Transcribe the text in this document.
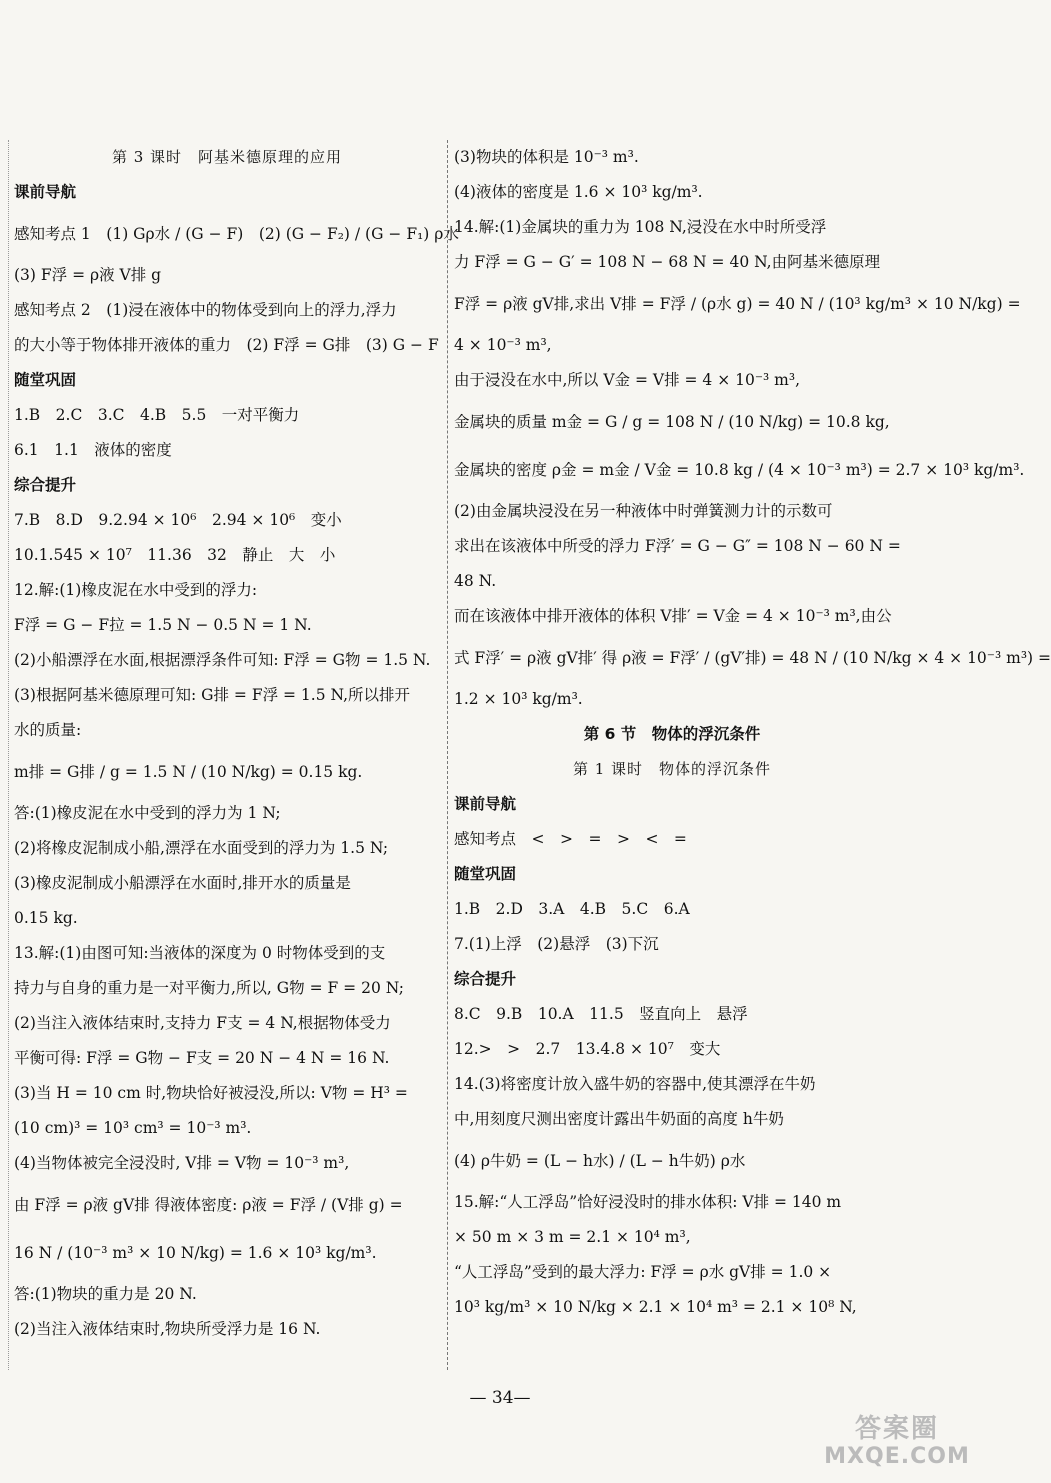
第 3 课时　阿基米德原理的应用

课前导航

感知考点 1　(1) Gρ水 / (G − F)　(2) (G − F₂) / (G − F₁) ρ水

(3) F浮 = ρ液 V排 g

感知考点 2　(1)浸在液体中的物体受到向上的浮力,浮力

的大小等于物体排开液体的重力　(2) F浮 = G排　(3) G − F

随堂巩固

1.B　2.C　3.C　4.B　5.5　一对平衡力

6.1　1.1　液体的密度

综合提升

7.B　8.D　9.2.94 × 10⁶　2.94 × 10⁶　变小

10.1.545 × 10⁷　11.36　32　静止　大　小

12.解:(1)橡皮泥在水中受到的浮力:

F浮 = G − F拉 = 1.5 N − 0.5 N = 1 N.

(2)小船漂浮在水面,根据漂浮条件可知: F浮 = G物 = 1.5 N.

(3)根据阿基米德原理可知: G排 = F浮 = 1.5 N,所以排开

水的质量:

m排 = G排 / g = 1.5 N / (10 N/kg) = 0.15 kg.

答:(1)橡皮泥在水中受到的浮力为 1 N;

(2)将橡皮泥制成小船,漂浮在水面受到的浮力为 1.5 N;

(3)橡皮泥制成小船漂浮在水面时,排开水的质量是

0.15 kg.

13.解:(1)由图可知:当液体的深度为 0 时物体受到的支

持力与自身的重力是一对平衡力,所以, G物 = F = 20 N;

(2)当注入液体结束时,支持力 F支 = 4 N,根据物体受力

平衡可得: F浮 = G物 − F支 = 20 N − 4 N = 16 N.

(3)当 H = 10 cm 时,物块恰好被浸没,所以: V物 = H³ =

(10 cm)³ = 10³ cm³ = 10⁻³ m³.

(4)当物体被完全浸没时, V排 = V物 = 10⁻³ m³,

由 F浮 = ρ液 gV排 得液体密度: ρ液 = F浮 / (V排 g) =

16 N / (10⁻³ m³ × 10 N/kg) = 1.6 × 10³ kg/m³.

答:(1)物块的重力是 20 N.

(2)当注入液体结束时,物块所受浮力是 16 N.

(3)物块的体积是 10⁻³ m³.

(4)液体的密度是 1.6 × 10³ kg/m³.

14.解:(1)金属块的重力为 108 N,浸没在水中时所受浮

力 F浮 = G − G′ = 108 N − 68 N = 40 N,由阿基米德原理

F浮 = ρ液 gV排,求出 V排 = F浮 / (ρ水 g) = 40 N / (10³ kg/m³ × 10 N/kg) =

4 × 10⁻³ m³,

由于浸没在水中,所以 V金 = V排 = 4 × 10⁻³ m³,

金属块的质量 m金 = G / g = 108 N / (10 N/kg) = 10.8 kg,

金属块的密度 ρ金 = m金 / V金 = 10.8 kg / (4 × 10⁻³ m³) = 2.7 × 10³ kg/m³.

(2)由金属块浸没在另一种液体中时弹簧测力计的示数可

求出在该液体中所受的浮力 F浮′ = G − G″ = 108 N − 60 N =

48 N.

而在该液体中排开液体的体积 V排′ = V金 = 4 × 10⁻³ m³,由公

式 F浮′ = ρ液 gV排′ 得 ρ液 = F浮′ / (gV′排) = 48 N / (10 N/kg × 4 × 10⁻³ m³) =

1.2 × 10³ kg/m³.

第 6 节　物体的浮沉条件

第 1 课时　物体的浮沉条件

课前导航

感知考点　<　>　=　>　<　=

随堂巩固

1.B　2.D　3.A　4.B　5.C　6.A

7.(1)上浮　(2)悬浮　(3)下沉

综合提升

8.C　9.B　10.A　11.5　竖直向上　悬浮

12.>　>　2.7　13.4.8 × 10⁷　变大

14.(3)将密度计放入盛牛奶的容器中,使其漂浮在牛奶

中,用刻度尺测出密度计露出牛奶面的高度 h牛奶

(4) ρ牛奶 = (L − h水) / (L − h牛奶) ρ水

15.解:“人工浮岛”恰好浸没时的排水体积: V排 = 140 m

× 50 m × 3 m = 2.1 × 10⁴ m³,

“人工浮岛”受到的最大浮力: F浮 = ρ水 gV排 = 1.0 ×

10³ kg/m³ × 10 N/kg × 2.1 × 10⁴ m³ = 2.1 × 10⁸ N,

— 34—
答案圈
MXQE.COM
